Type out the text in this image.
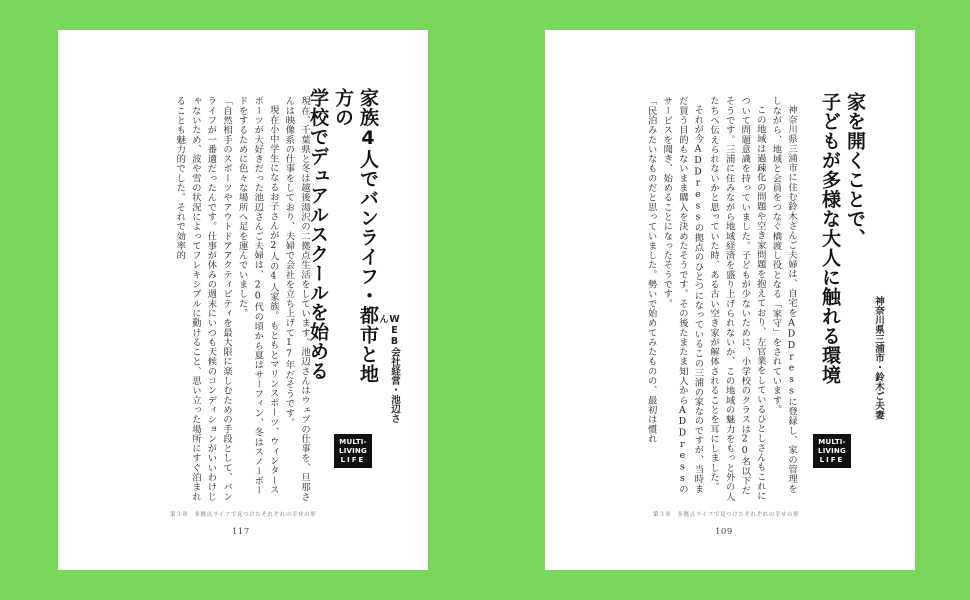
家族4人でバンライフ・都市と地方の
学校でデュアルスクールを始める	WEB会社経営・池辺さん

現在、千葉県と冬は越後湯沢の二拠点生活をしています。池辺さんはウェブの仕事を、旦那さんは映像系の仕事をしており、夫婦で会社を立ち上げて17年だそうです。

現在小中学生になるお子さんが2人の4人家族。もともとマリンスポーツ、ウィンタースポーツが大好きだった池辺さんご夫婦は、20代の頃から夏はサーフィン、冬はスノーボードをするために色々な場所へ足を運んでいました。

「自然相手のスポーツやアウトドアアクティビティを最大限に楽しむための手段として、バンライフが一番適だったんです。仕事が休みの週末にいつも天候のコンディションがいいわけじゃないため、波や雪の状況によってフレキシブルに動けること、思い立った場所にすぐ泊まれることも魅力的でした。それで効率的

MULTI-
LIVING
LIFE
第３章　多拠点ライフで見つけたそれぞれの幸せの形
117
家を開くことで、
子どもが多様な大人に触れる環境	神奈川県三浦市・鈴木ご夫妻

神奈川県三浦市に住む鈴木さんご夫婦は、自宅をADDressに登録し、家の管理をしながら、地域と会員をつなぐ橋渡し役となる「家守」をされています。

この地域は過疎化の問題や空き家問題を抱えており、左官業をしているひとしさんもこれについて問題意識を持っていました。子どもが少ないために、小学校のクラスは20名以下だそうです。三浦に住みながら地域経済を盛り上げられないか、この地域の魅力をもっと外の人たちへ伝えられないかと思っていた時、ある古い空き家が解体されることを耳にしました。

それが今ADDressの拠点のひとつになっているこの三浦の家なのですが、当時まだ買う目的もないまま購入を決めたそうです。その後たまたま知人からADDressのサービスを聞き、始めることになったそうです。

「民泊みたいなものだと思っていました。勢いで始めてみたものの、最初は慣れ	MULTI-
LIVING
LIFE
第３章　多拠点ライフで見つけたそれぞれの幸せの形
109
